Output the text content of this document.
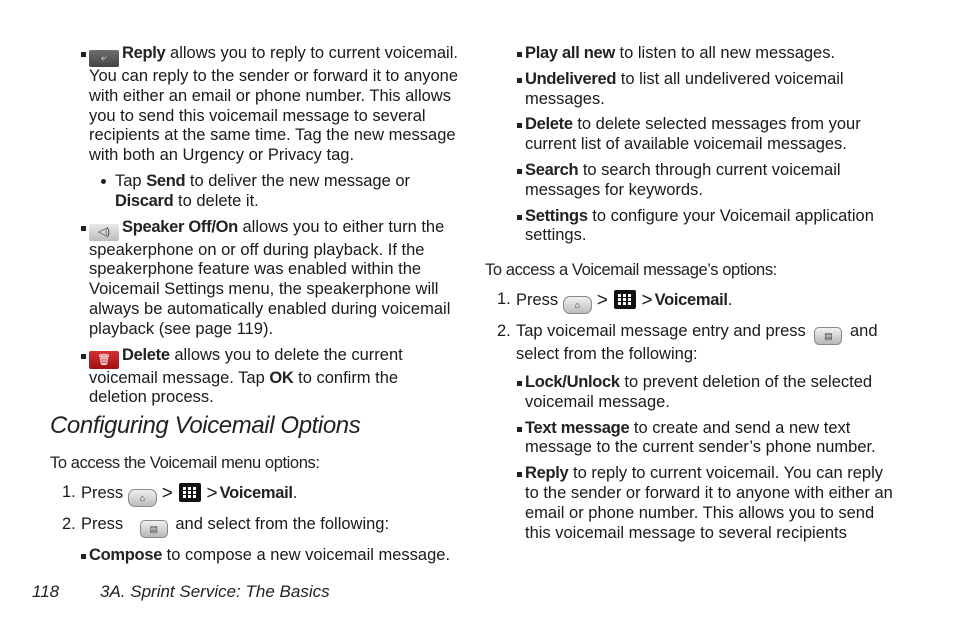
⤶ Reply allows you to reply to current voicemail. You can reply to the sender or forward it to anyone with either an email or phone number. This allows you to send this voicemail message to several recipients at the same time. Tag the new message with both an Urgency or Privacy tag.
Tap Send to deliver the new message or Discard to delete it.
◁) Speaker Off/On allows you to either turn the speakerphone on or off during playback. If the speakerphone feature was enabled within the Voicemail Settings menu, the speakerphone will always be automatically enabled during voicemail playback (see page 119).
🗑 Delete allows you to delete the current voicemail message. Tap OK to confirm the deletion process.
Configuring Voicemail Options
To access the Voicemail menu options:
1. Press ⌂ > > Voicemail.
2. Press	▤ and select from the following:
Compose to compose a new voicemail message.
Play all new to listen to all new messages.
Undelivered to list all undelivered voicemail messages.
Delete to delete selected messages from your current list of available voicemail messages.
Search to search through current voicemail messages for keywords.
Settings to configure your Voicemail application settings.
To access a Voicemail message’s options:
1. Press ⌂ > > Voicemail.
2. Tap voicemail message entry and press ▤ and select from the following:
Lock/Unlock to prevent deletion of the selected voicemail message.
Text message to create and send a new text message to the current sender’s phone number.
Reply to reply to current voicemail. You can reply to the sender or forward it to anyone with either an email or phone number. This allows you to send this voicemail message to several recipients
118 3A. Sprint Service: The Basics
